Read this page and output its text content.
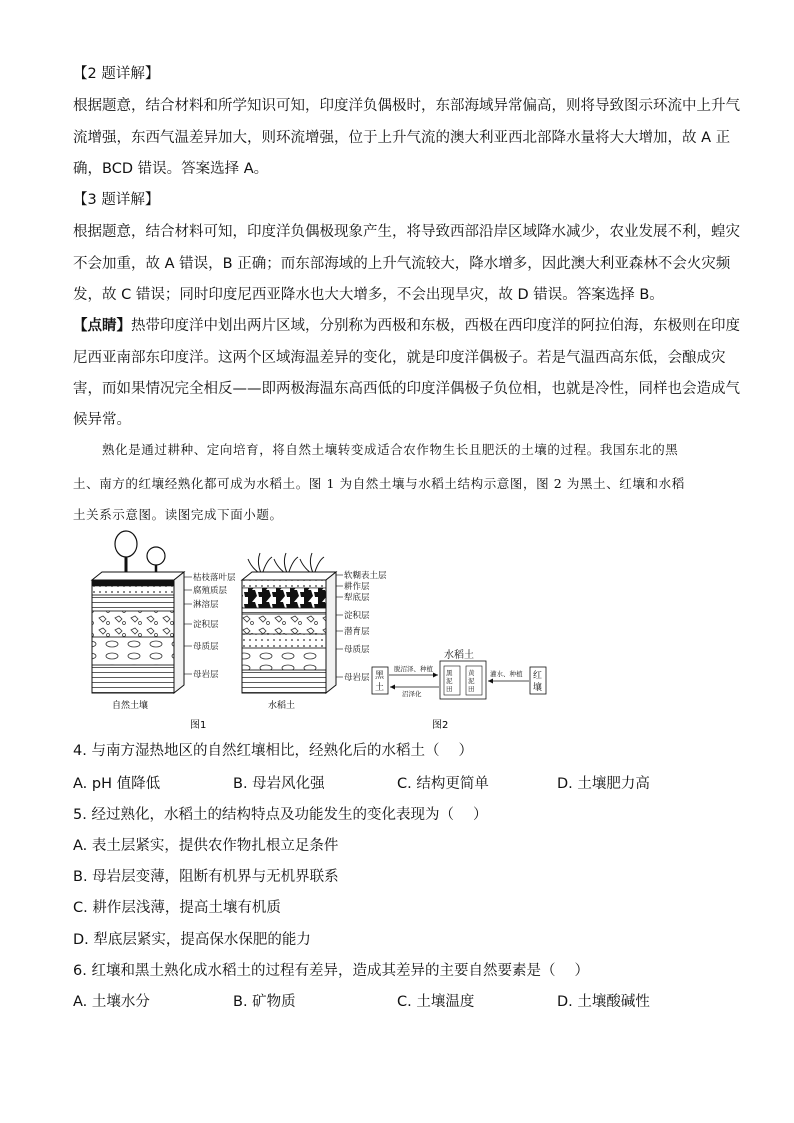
【2 题详解】
根据题意，结合材料和所学知识可知，印度洋负偶极时，东部海域异常偏高，则将导致图示环流中上升气
流增强，东西气温差异加大，则环流增强，位于上升气流的澳大利亚西北部降水量将大大增加，故 A 正
确，BCD 错误。答案选择 A。
【3 题详解】
根据题意，结合材料可知，印度洋负偶极现象产生，将导致西部沿岸区域降水减少，农业发展不利，蝗灾
不会加重，故 A 错误，B 正确；而东部海域的上升气流较大，降水增多，因此澳大利亚森林不会火灾频
发，故 C 错误；同时印度尼西亚降水也大大增多，不会出现旱灾，故 D 错误。答案选择 B。
【点睛】热带印度洋中划出两片区域，分别称为西极和东极，西极在西印度洋的阿拉伯海，东极则在印度
尼西亚南部东印度洋。这两个区域海温差异的变化，就是印度洋偶极子。若是气温西高东低，会酿成灾
害，而如果情况完全相反——即两极海温东高西低的印度洋偶极子负位相，也就是冷性，同样也会造成气
候异常。
熟化是通过耕种、定向培育，将自然土壤转变成适合农作物生长且肥沃的土壤的过程。我国东北的黑
土、南方的红壤经熟化都可成为水稻土。图 1 为自然土壤与水稻土结构示意图，图 2 为黑土、红壤和水稻
土关系示意图。读图完成下面小题。
枯枝落叶层
腐殖质层
淋溶层
淀积层
母质层
母岩层
自然土壤
软糊表土层
耕作层
犁底层
淀积层
潜育层
母质层
母岩层
水稻土
图1
黑
土
水稻土
黑
泥
田
黄
泥
田
红
壤
脱沼泽、种植
沼泽化
灌水、种植
图2
4. 与南方湿热地区的自然红壤相比，经熟化后的水稻土（　 ）
A. pH 值降低	B. 母岩风化强	C. 结构更简单	D. 土壤肥力高
5. 经过熟化，水稻土的结构特点及功能发生的变化表现为（　 ）
A. 表土层紧实，提供农作物扎根立足条件
B. 母岩层变薄，阻断有机界与无机界联系
C. 耕作层浅薄，提高土壤有机质
D. 犁底层紧实，提高保水保肥的能力
6. 红壤和黑土熟化成水稻土的过程有差异，造成其差异的主要自然要素是（　 ）
A. 土壤水分	B. 矿物质	C. 土壤温度	D. 土壤酸碱性
